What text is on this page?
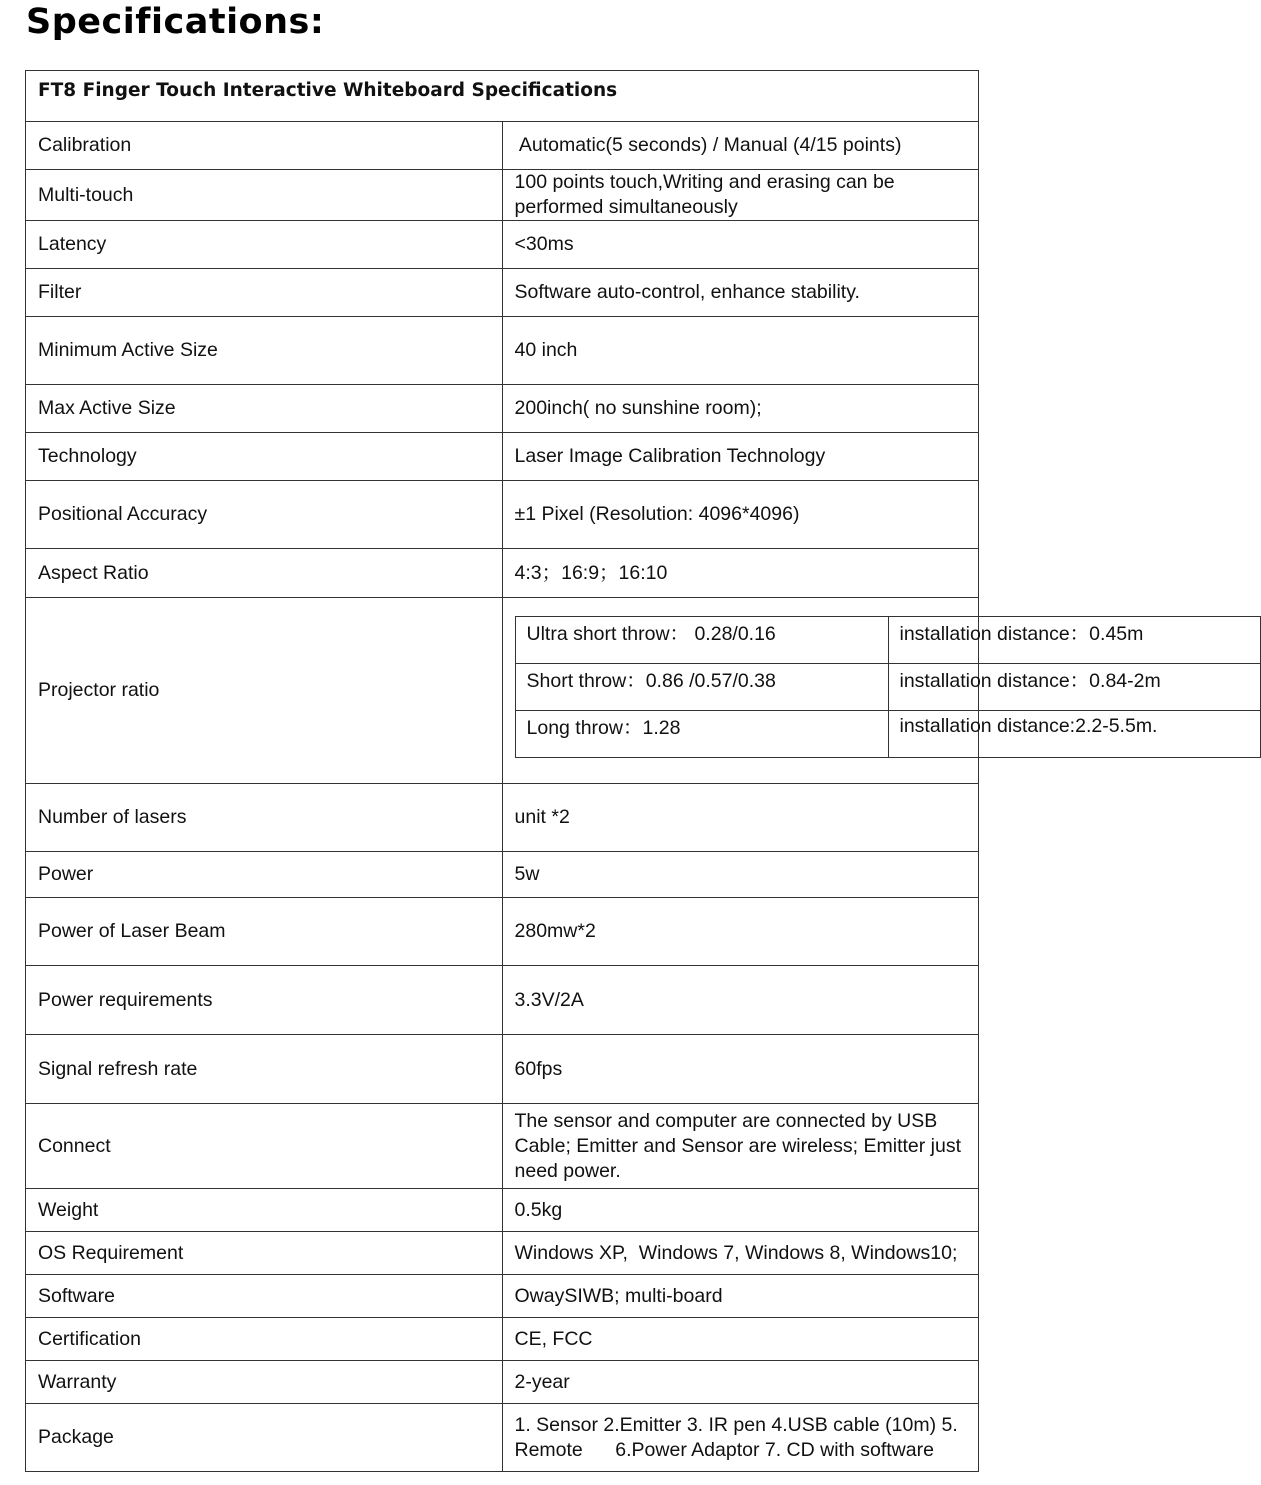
Specifications:
FT8 Finger Touch Interactive Whiteboard Specifications
Calibration	Automatic(5 seconds) / Manual (4/15 points)
Multi-touch	100 points touch,Writing and erasing can be performed simultaneously
Latency	<30ms
Filter	Software auto-control, enhance stability.
Minimum Active Size	40 inch
Max Active Size	200inch( no sunshine room);
Technology	Laser Image Calibration Technology
Positional Accuracy	±1 Pixel (Resolution: 4096*4096)
Aspect Ratio	4:3；16:9；16:10
Projector ratio	
Ultra short throw： 0.28/0.16	installation distance：0.45m
Short throw：0.86 /0.57/0.38	installation distance：0.84-2m
Long throw：1.28	installation distance:2.2-5.5m.

Number of lasers	unit *2
Power	5w
Power of Laser Beam	280mw*2
Power requirements	3.3V/2A
Signal refresh rate	60fps
Connect	The sensor and computer are connected by USB Cable; Emitter and Sensor are wireless; Emitter just need power.
Weight	0.5kg
OS Requirement	Windows XP,  Windows 7, Windows 8, Windows10;
Software	OwaySIWB; multi-board
Certification	CE, FCC
Warranty	2-year
Package	1. Sensor 2.Emitter 3. IR pen 4.USB cable (10m) 5. Remote      6.Power Adaptor 7. CD with software
